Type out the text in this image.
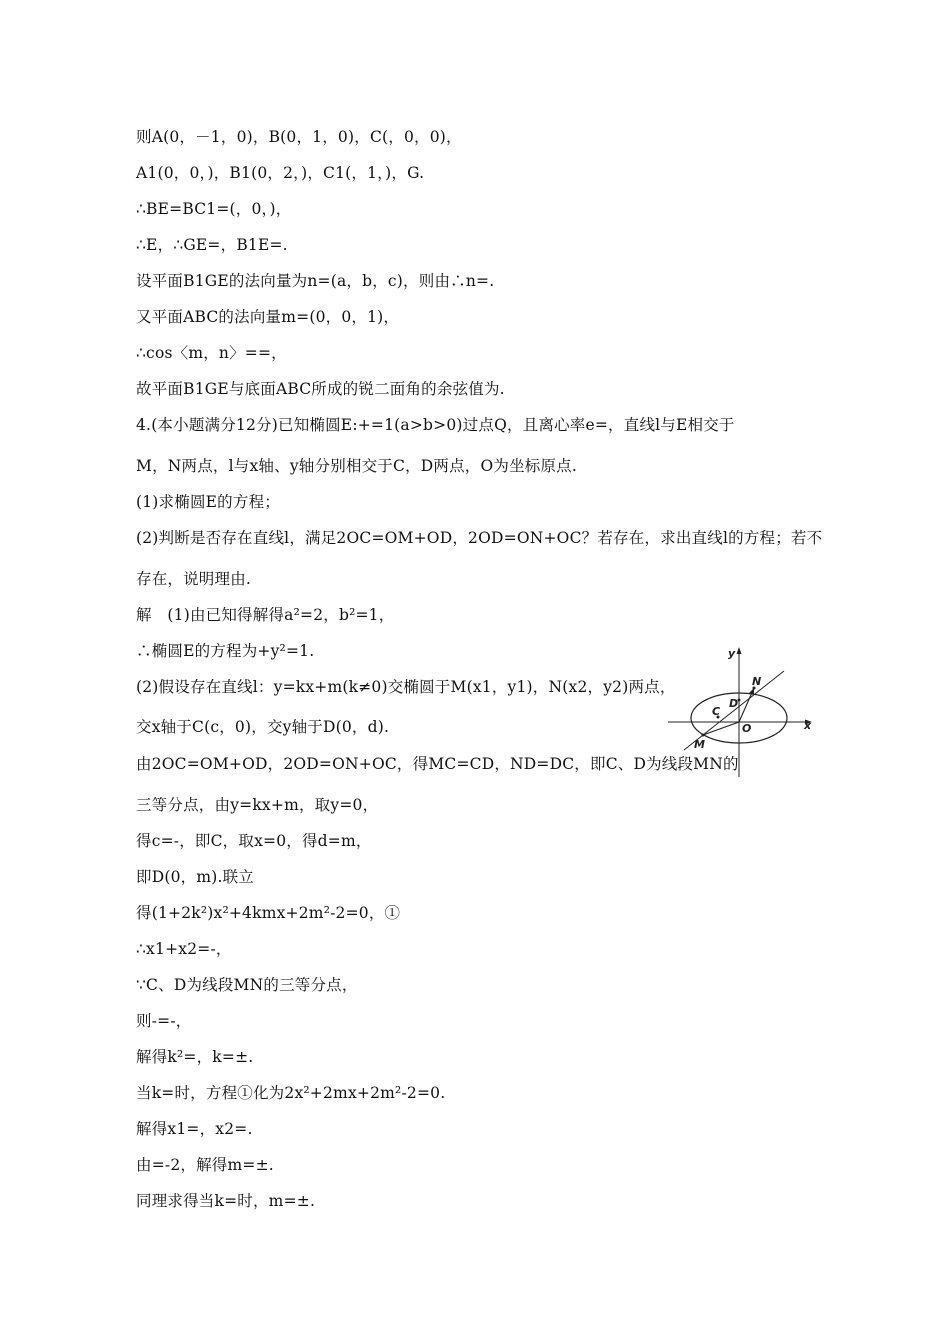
则A(0，－1，0)，B(0，1，0)，C(，0，0)，
A1(0，0，)，B1(0，2，)，C1(，1，)，G.
∴BE=BC1=(，0，)，
∴E，∴GE=，B1E=.
设平面B1GE的法向量为n=(a，b，c)，则由∴n=.
又平面ABC的法向量m=(0，0，1)，
∴cos〈m，n〉==，
故平面B1GE与底面ABC所成的锐二面角的余弦值为.
4.(本小题满分12分)已知椭圆E:+=1(a>b>0)过点Q，且离心率e=，直线l与E相交于
M，N两点，l与x轴、y轴分别相交于C，D两点，O为坐标原点.
(1)求椭圆E的方程；
(2)判断是否存在直线l，满足2OC=OM+OD，2OD=ON+OC？若存在，求出直线l的方程；若不
存在，说明理由.
解　(1)由已知得解得a²=2，b²=1，
∴椭圆E的方程为+y²=1.
(2)假设存在直线l：y=kx+m(k≠0)交椭圆于M(x1，y1)，N(x2，y2)两点，
交x轴于C(c，0)，交y轴于D(0，d).
由2OC=OM+OD，2OD=ON+OC，得MC=CD，ND=DC，即C、D为线段MN的
三等分点，由y=kx+m，取y=0，
得c=-，即C，取x=0，得d=m，
即D(0，m).联立
得(1+2k²)x²+4kmx+2m²-2=0，①
∴x1+x2=-，
∵C、D为线段MN的三等分点，
则-=-，
解得k²=，k=±.
当k=时，方程①化为2x²+2mx+2m²-2=0.
解得x1=，x2=.
由=-2，解得m=±.
同理求得当k=时，m=±.
y
x
N
D
C
O
M
